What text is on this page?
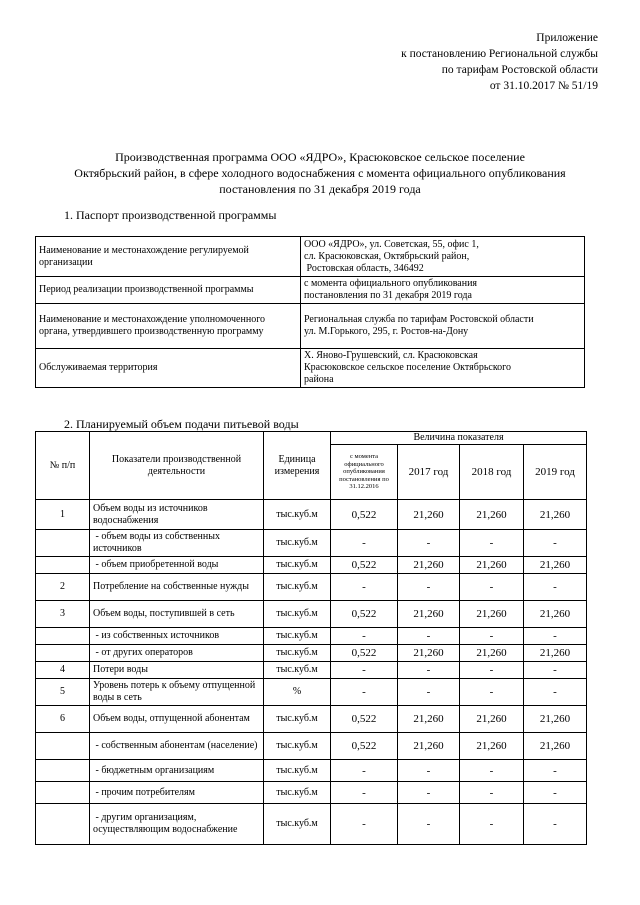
Приложение
к постановлению Региональной службы
по тарифам Ростовской области
от 31.10.2017 № 51/19
Производственная программа ООО «ЯДРО», Красюковское сельское поселение
Октябрьский район, в сфере холодного водоснабжения с момента официального опубликования
постановления по 31 декабря 2019 года
1. Паспорт производственной программы
Наименование и местонахождение регулируемой организации	ООО «ЯДРО», ул. Советская, 55, офис 1,
сл. Красюковская, Октябрьский район,
Ростовская область, 346492

Период реализации производственной программы	с момента официального опубликования
постановления по 31 декабря 2019 года

Наименование и местонахождение уполномоченного органа, утвердившего производственную программу	Региональная служба по тарифам Ростовской области
ул. М.Горького, 295, г. Ростов-на-Дону

Обслуживаемая территория	Х. Яново-Грушевский, сл. Красюковская
Красюковское сельское поселение Октябрьского
района
2. Планируемый объем подачи питьевой воды
№ п/п	Показатели производственной деятельности	Единица измерения	Величина показателя			
			с момента официального опубликования постановления по 31.12.2016	2017 год	2018 год	2019 год
1	Объем воды из источников водоснабжения	тыс.куб.м	0,522	21,260	21,260	21,260
	- объем воды из собственных источников	тыс.куб.м	-	-	-	-
	- объем приобретенной воды	тыс.куб.м	0,522	21,260	21,260	21,260
2	Потребление на собственные нужды	тыс.куб.м	-	-	-	-
3	Объем воды, поступившей в сеть	тыс.куб.м	0,522	21,260	21,260	21,260
	- из собственных источников	тыс.куб.м	-	-	-	-
	- от других операторов	тыс.куб.м	0,522	21,260	21,260	21,260
4	Потери воды	тыс.куб.м	-	-	-	-
5	Уровень потерь к объему отпущенной воды в сеть	%	-	-	-	-
6	Объем воды, отпущенной абонентам	тыс.куб.м	0,522	21,260	21,260	21,260
	- собственным абонентам (население)	тыс.куб.м	0,522	21,260	21,260	21,260
	- бюджетным организациям	тыс.куб.м	-	-	-	-
	- прочим потребителям	тыс.куб.м	-	-	-	-
	- другим организациям, осуществляющим водоснабжение	тыс.куб.м	-	-	-	-
